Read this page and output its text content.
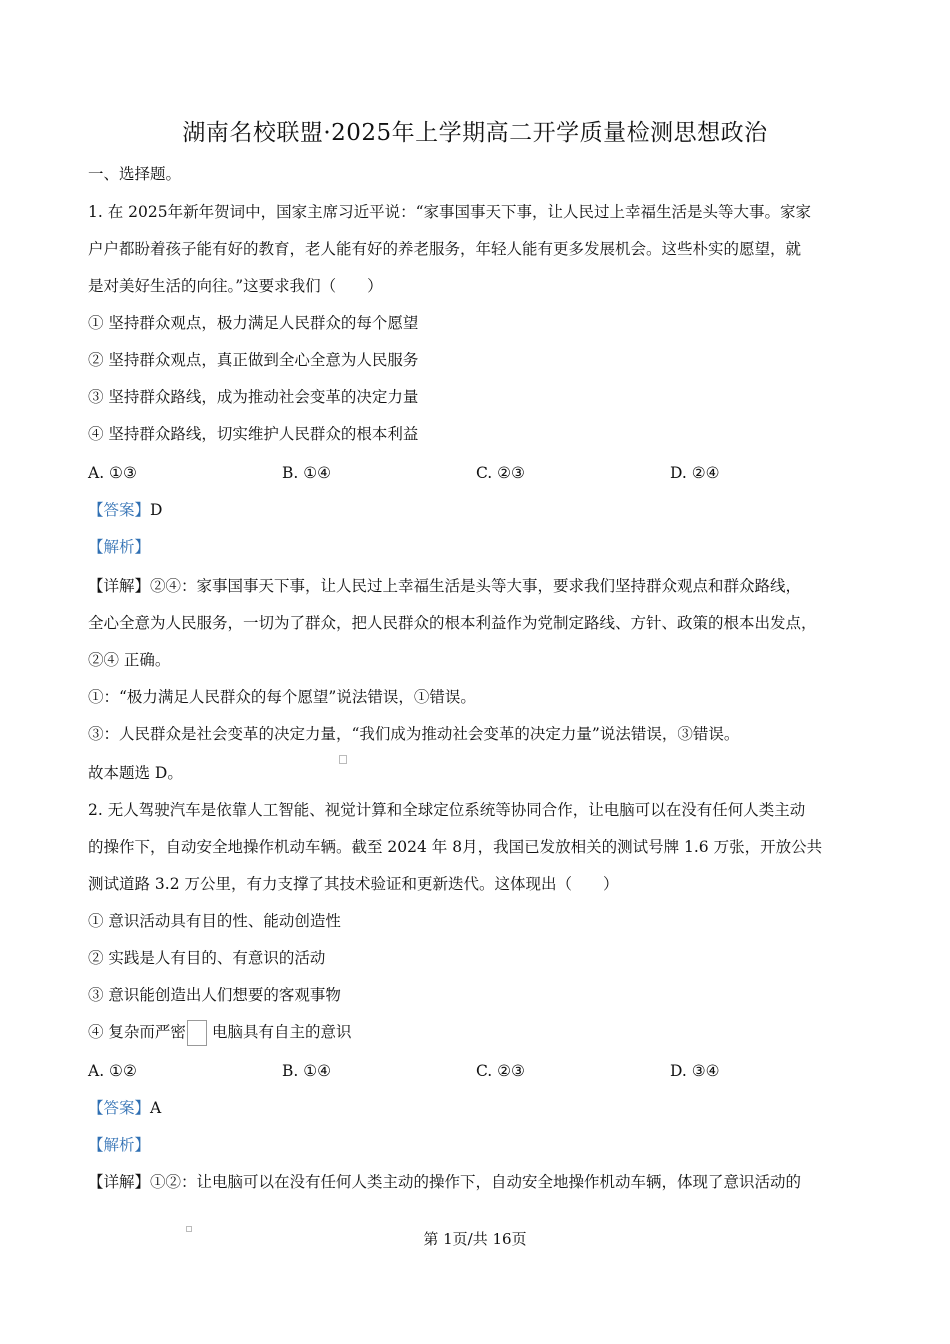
湖南名校联盟·2025年上学期高二开学质量检测思想政治
一、选择题。
1. 在 2025年新年贺词中，国家主席习近平说：“家事国事天下事，让人民过上幸福生活是头等大事。家家
户户都盼着孩子能有好的教育，老人能有好的养老服务，年轻人能有更多发展机会。这些朴实的愿望，就
是对美好生活的向往。”这要求我们（　　）
① 坚持群众观点，极力满足人民群众的每个愿望
② 坚持群众观点，真正做到全心全意为人民服务
③ 坚持群众路线，成为推动社会变革的决定力量
④ 坚持群众路线，切实维护人民群众的根本利益
A. ①③	B. ①④	C. ②③	D. ②④
【答案】D
【解析】
【详解】②④：家事国事天下事，让人民过上幸福生活是头等大事，要求我们坚持群众观点和群众路线，
全心全意为人民服务，一切为了群众，把人民群众的根本利益作为党制定路线、方针、政策的根本出发点，
②④ 正确。
①：“极力满足人民群众的每个愿望”说法错误，①错误。
③：人民群众是社会变革的决定力量，“我们成为推动社会变革的决定力量”说法错误，③错误。
故本题选 D。
2. 无人驾驶汽车是依靠人工智能、视觉计算和全球定位系统等协同合作，让电脑可以在没有任何人类主动
的操作下，自动安全地操作机动车辆。截至 2024 年 8月，我国已发放相关的测试号牌 1.6 万张，开放公共
测试道路 3.2 万公里，有力支撑了其技术验证和更新迭代。这体现出（　　）
① 意识活动具有目的性、能动创造性
② 实践是人有目的、有意识的活动
③ 意识能创造出人们想要的客观事物
④ 复杂而严密 电脑具有自主的意识
A. ①②	B. ①④	C. ②③	D. ③④
【答案】A
【解析】
【详解】①②：让电脑可以在没有任何人类主动的操作下，自动安全地操作机动车辆，体现了意识活动的
第 1页/共 16页
